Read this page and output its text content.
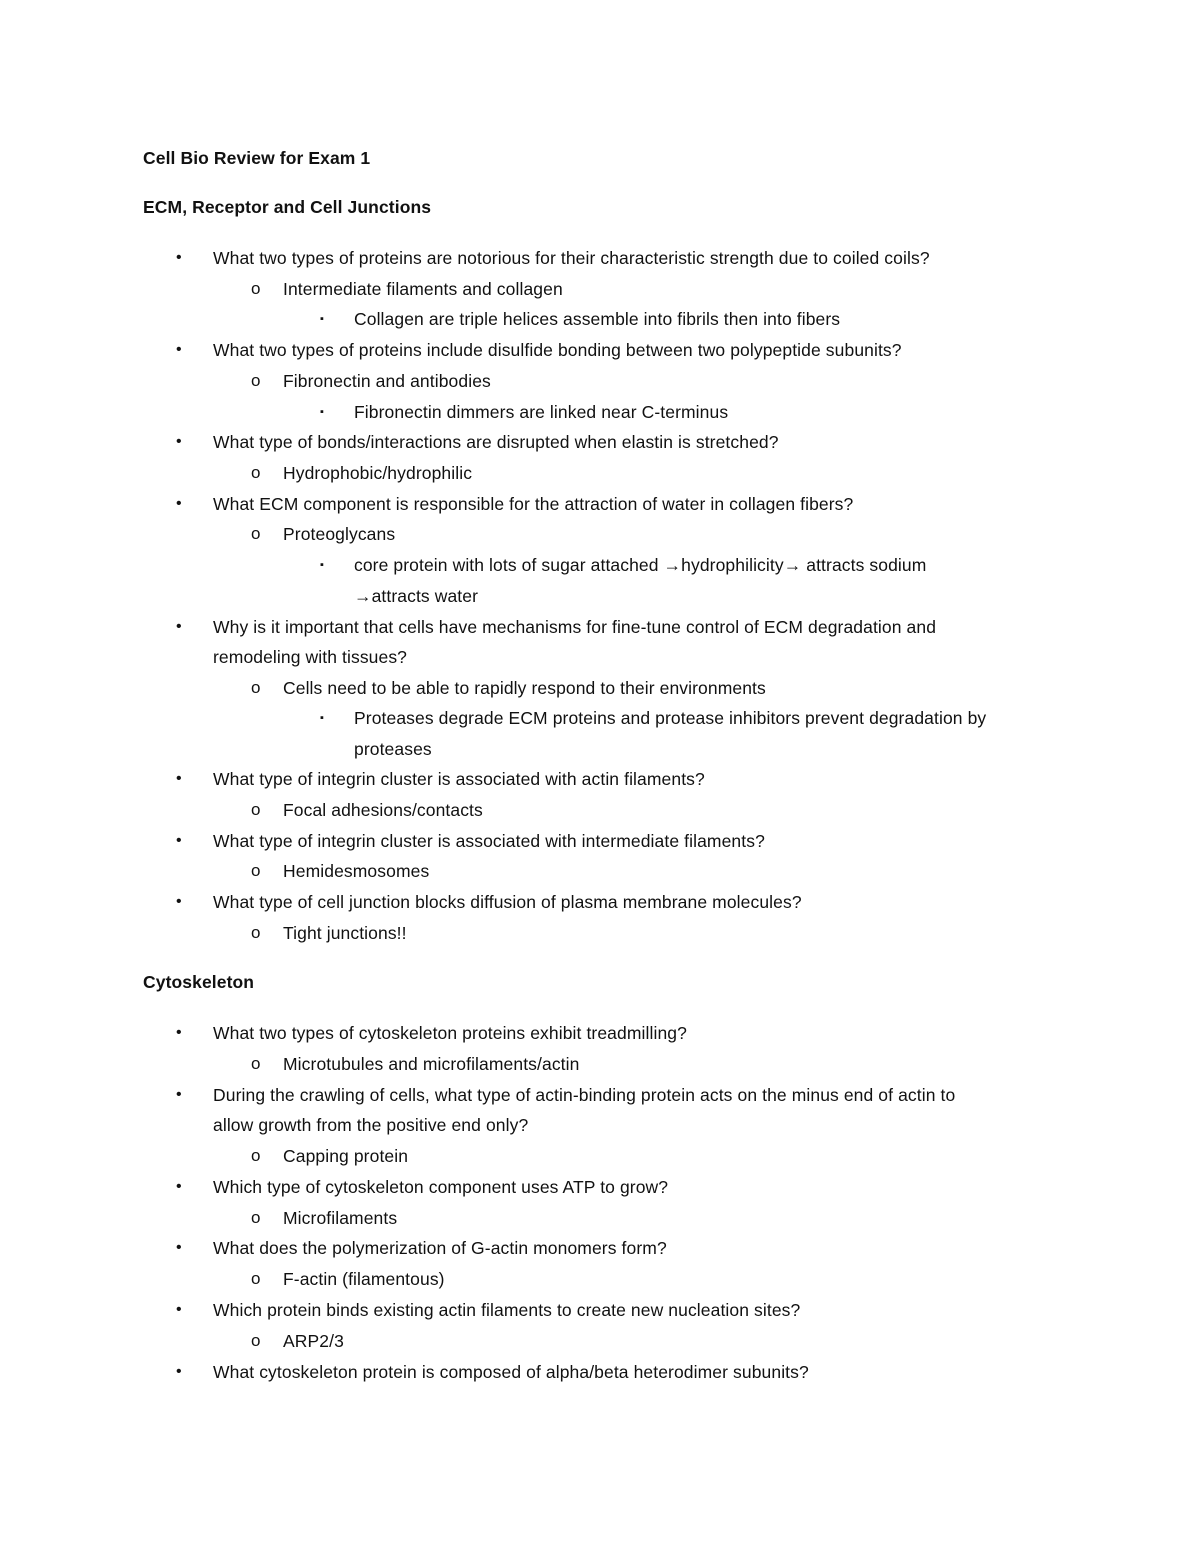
Cell Bio Review for Exam 1
ECM, Receptor and Cell Junctions
• What two types of proteins are notorious for their characteristic strength due to coiled coils?
o Intermediate filaments and collagen
▪ Collagen are triple helices assemble into fibrils then into fibers
• What two types of proteins include disulfide bonding between two polypeptide subunits?
o Fibronectin and antibodies
▪ Fibronectin dimmers are linked near C-terminus
• What type of bonds/interactions are disrupted when elastin is stretched?
o Hydrophobic/hydrophilic
• What ECM component is responsible for the attraction of water in collagen fibers?
o Proteoglycans
▪ core protein with lots of sugar attached →hydrophilicity→ attracts sodium
→attracts water
• Why is it important that cells have mechanisms for fine-tune control of ECM degradation and
remodeling with tissues?
o Cells need to be able to rapidly respond to their environments
▪ Proteases degrade ECM proteins and protease inhibitors prevent degradation by
proteases
• What type of integrin cluster is associated with actin filaments?
o Focal adhesions/contacts
• What type of integrin cluster is associated with intermediate filaments?
o Hemidesmosomes
• What type of cell junction blocks diffusion of plasma membrane molecules?
o Tight junctions!!
Cytoskeleton
• What two types of cytoskeleton proteins exhibit treadmilling?
o Microtubules and microfilaments/actin
• During the crawling of cells, what type of actin-binding protein acts on the minus end of actin to
allow growth from the positive end only?
o Capping protein
• Which type of cytoskeleton component uses ATP to grow?
o Microfilaments
• What does the polymerization of G-actin monomers form?
o F-actin (filamentous)
• Which protein binds existing actin filaments to create new nucleation sites?
o ARP2/3
• What cytoskeleton protein is composed of alpha/beta heterodimer subunits?
